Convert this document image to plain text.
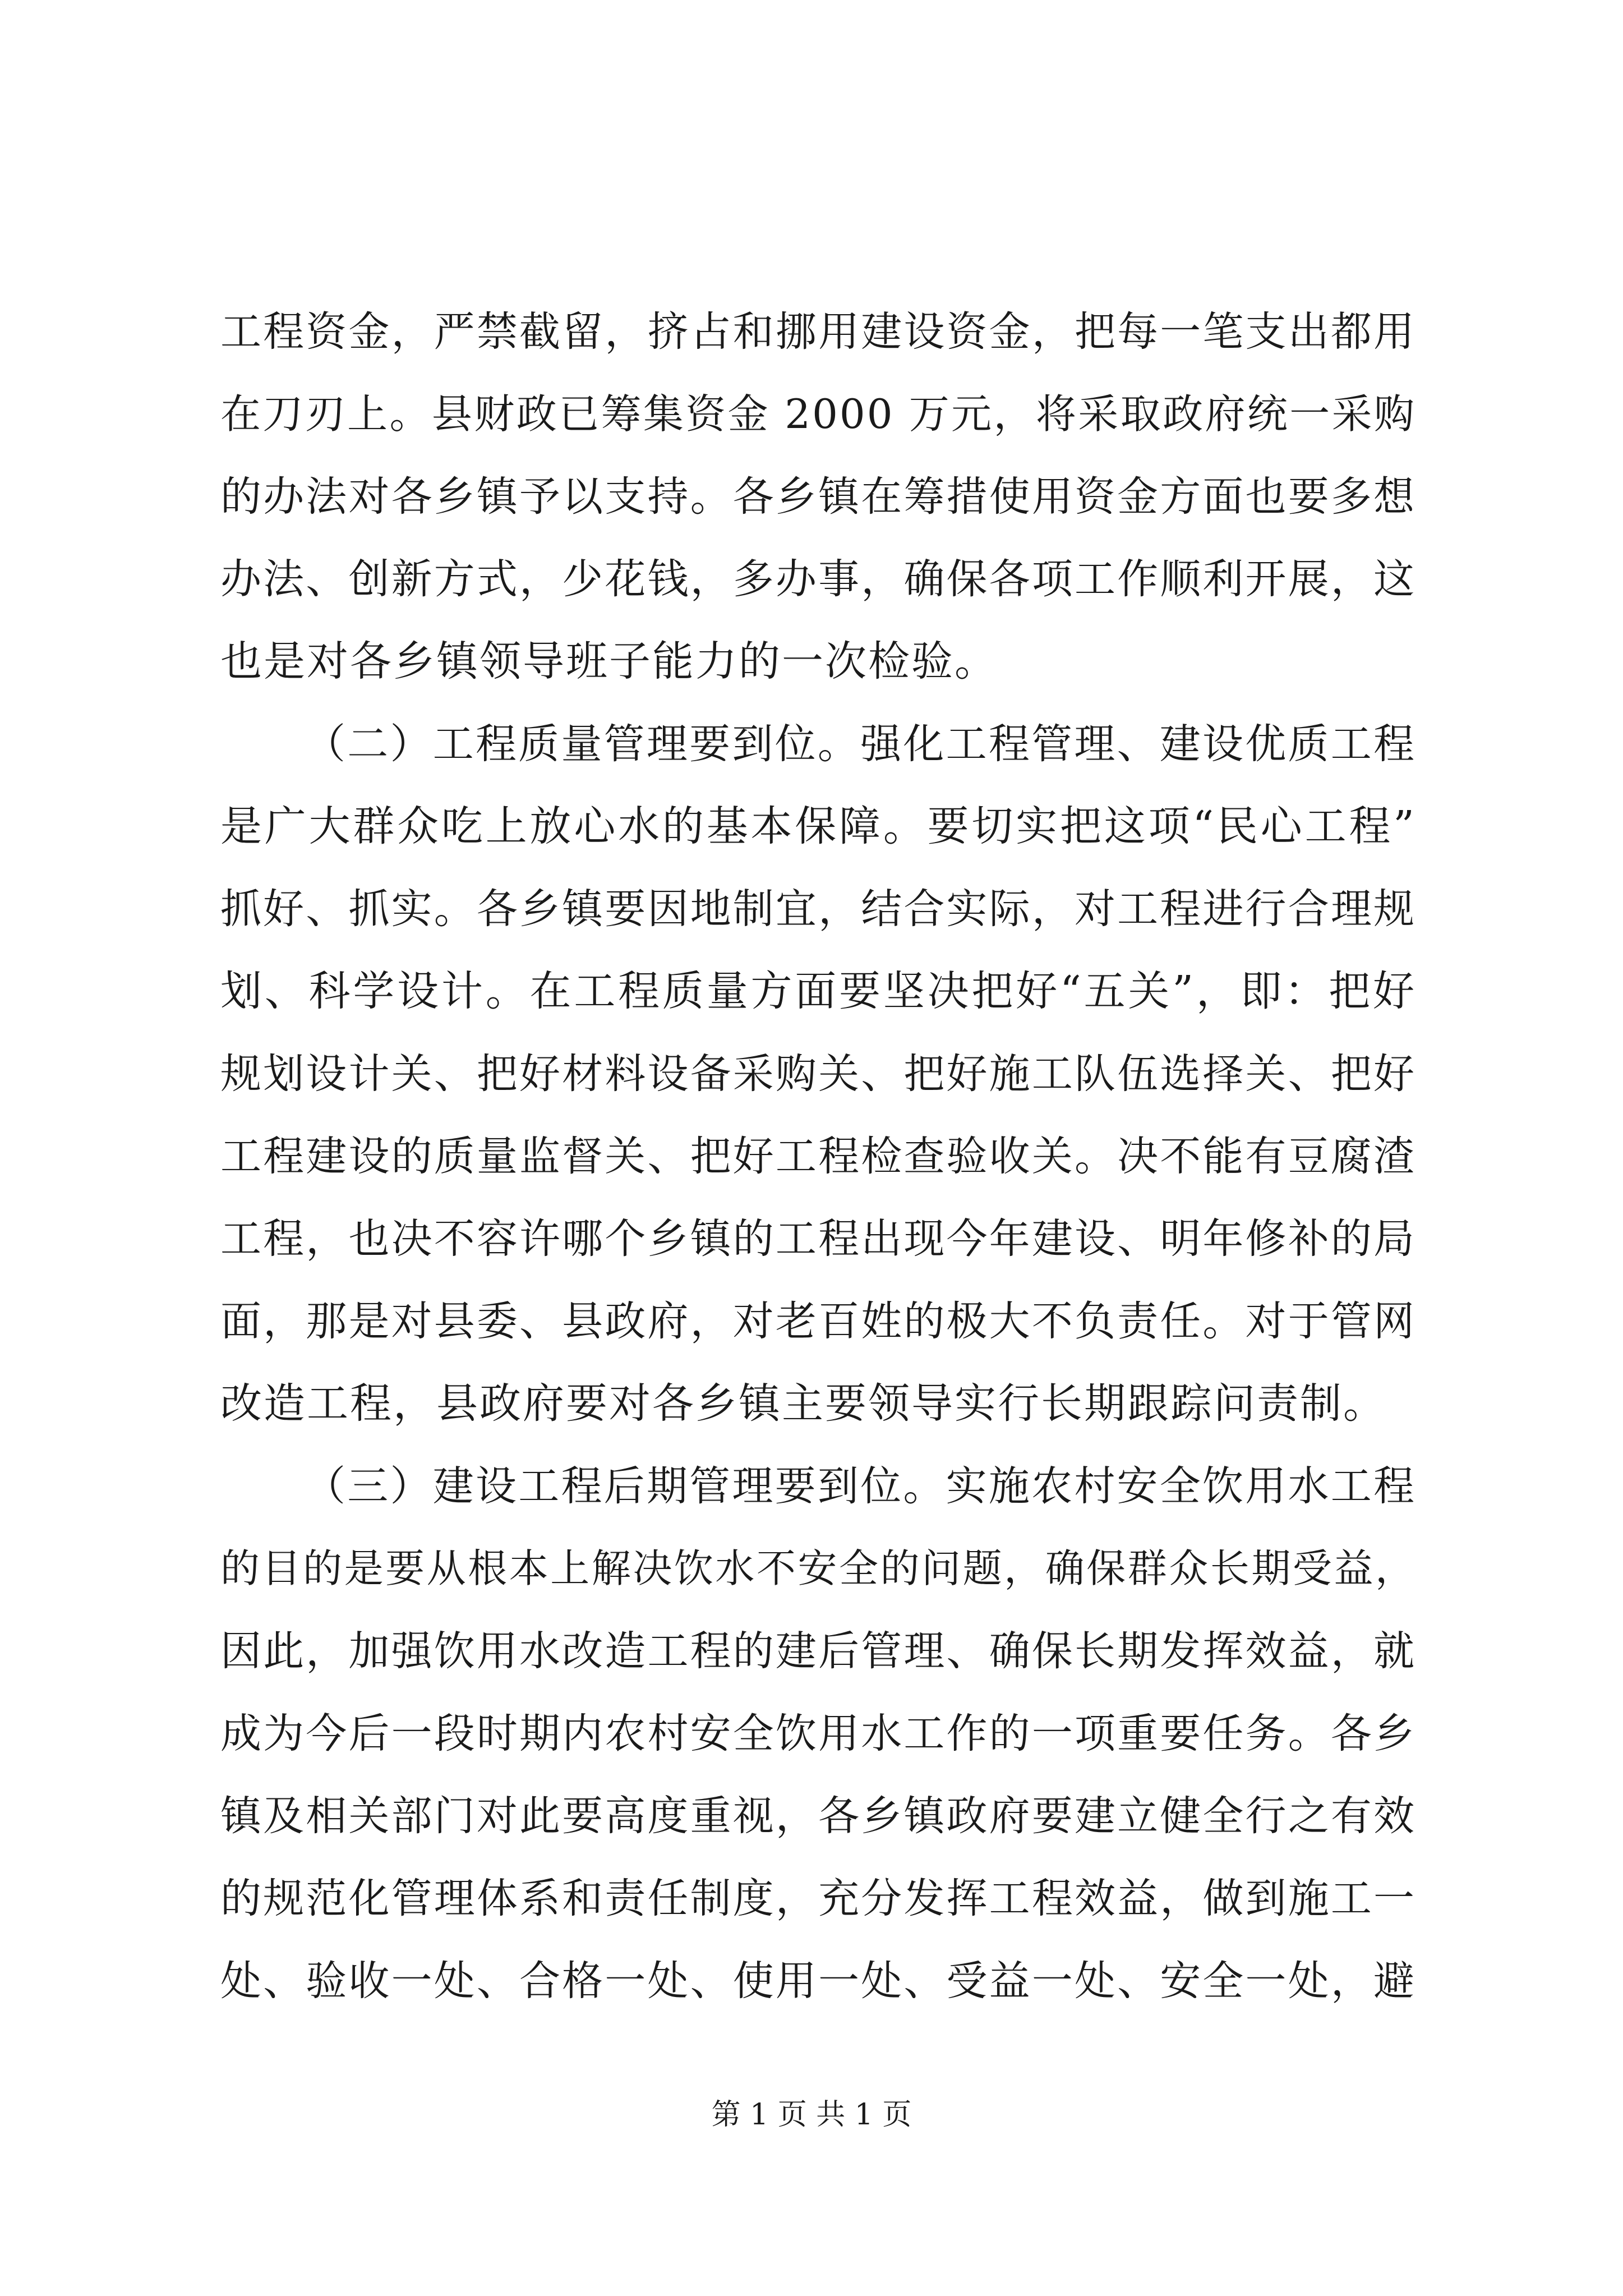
工程资金，严禁截留，挤占和挪用建设资金，把每一笔支出都用
在刀刃上。县财政已筹集资金 2000 万元，将采取政府统一采购
的办法对各乡镇予以支持。各乡镇在筹措使用资金方面也要多想
办法、创新方式，少花钱，多办事，确保各项工作顺利开展，这
也是对各乡镇领导班子能力的一次检验。
（二）工程质量管理要到位。强化工程管理、建设优质工程
是广大群众吃上放心水的基本保障。要切实把这项“民心工程”
抓好、抓实。各乡镇要因地制宜，结合实际，对工程进行合理规
划、科学设计。在工程质量方面要坚决把好“五关”，即：把好
规划设计关、把好材料设备采购关、把好施工队伍选择关、把好
工程建设的质量监督关、把好工程检查验收关。决不能有豆腐渣
工程，也决不容许哪个乡镇的工程出现今年建设、明年修补的局
面，那是对县委、县政府，对老百姓的极大不负责任。对于管网
改造工程，县政府要对各乡镇主要领导实行长期跟踪问责制。
（三）建设工程后期管理要到位。实施农村安全饮用水工程
的目的是要从根本上解决饮水不安全的问题，确保群众长期受益，
因此，加强饮用水改造工程的建后管理、确保长期发挥效益，就
成为今后一段时期内农村安全饮用水工作的一项重要任务。各乡
镇及相关部门对此要高度重视，各乡镇政府要建立健全行之有效
的规范化管理体系和责任制度，充分发挥工程效益，做到施工一
处、验收一处、合格一处、使用一处、受益一处、安全一处，避
第 1 页 共 1 页
